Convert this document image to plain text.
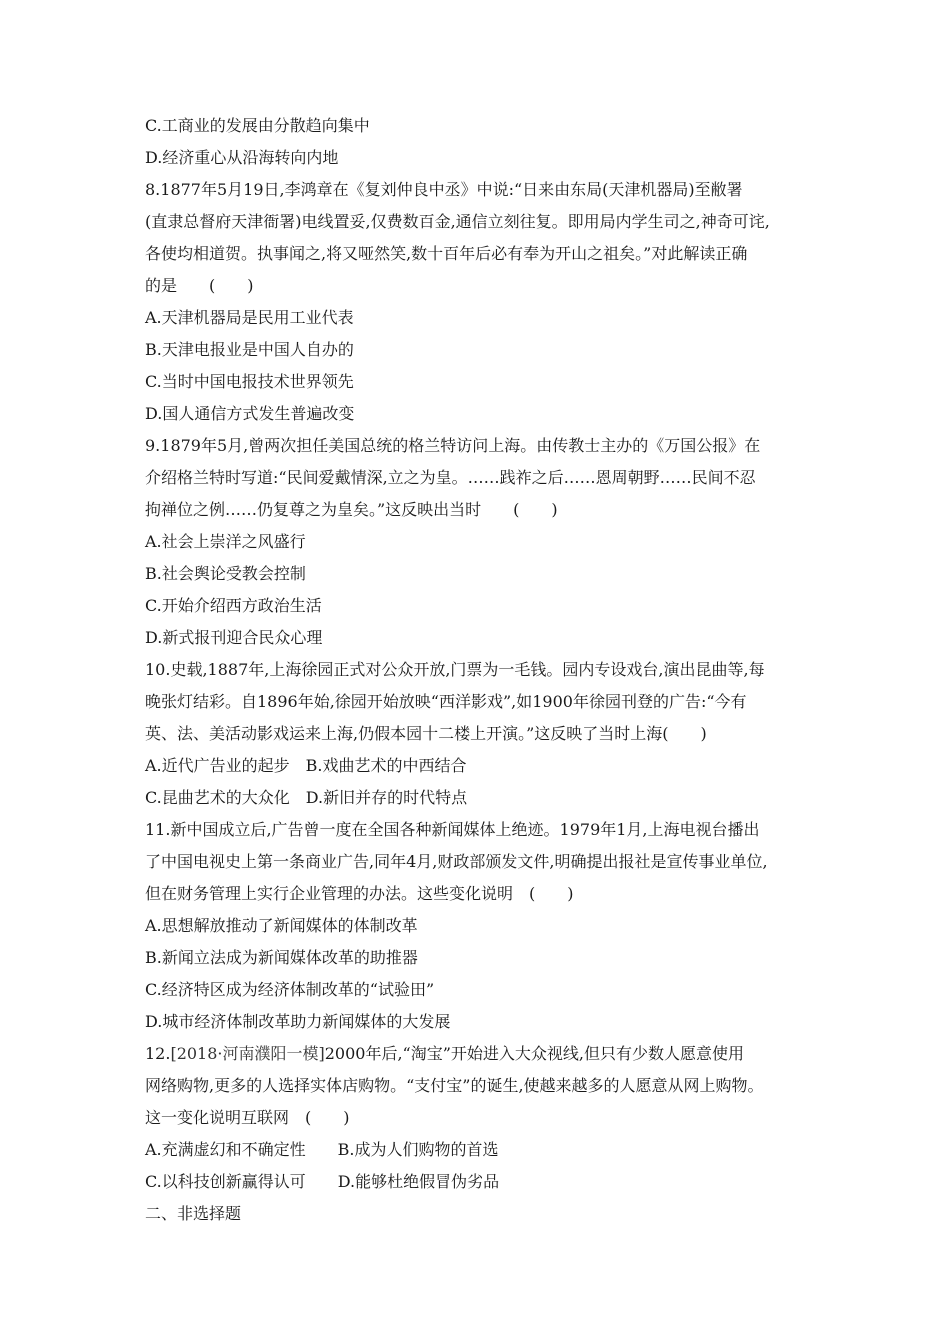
C.工商业的发展由分散趋向集中
D.经济重心从沿海转向内地
8.1877年5月19日,李鸿章在《复刘仲良中丞》中说:“日来由东局(天津机器局)至敝署
(直隶总督府天津衙署)电线置妥,仅费数百金,通信立刻往复。即用局内学生司之,神奇可诧,
各使均相道贺。执事闻之,将又哑然笑,数十百年后必有奉为开山之祖矣。”对此解读正确
的是　　(　　)
A.天津机器局是民用工业代表
B.天津电报业是中国人自办的
C.当时中国电报技术世界领先
D.国人通信方式发生普遍改变
9.1879年5月,曾两次担任美国总统的格兰特访问上海。由传教士主办的《万国公报》在
介绍格兰特时写道:“民间爱戴情深,立之为皇。……践祚之后……恩周朝野……民间不忍
拘禅位之例……仍复尊之为皇矣。”这反映出当时　　(　　)
A.社会上崇洋之风盛行
B.社会舆论受教会控制
C.开始介绍西方政治生活
D.新式报刊迎合民众心理
10.史载,1887年,上海徐园正式对公众开放,门票为一毛钱。园内专设戏台,演出昆曲等,每
晚张灯结彩。自1896年始,徐园开始放映“西洋影戏”,如1900年徐园刊登的广告:“今有
英、法、美活动影戏运来上海,仍假本园十二楼上开演。”这反映了当时上海(　　)
A.近代广告业的起步　B.戏曲艺术的中西结合
C.昆曲艺术的大众化　D.新旧并存的时代特点
11.新中国成立后,广告曾一度在全国各种新闻媒体上绝迹。1979年1月,上海电视台播出
了中国电视史上第一条商业广告,同年4月,财政部颁发文件,明确提出报社是宣传事业单位,
但在财务管理上实行企业管理的办法。这些变化说明　(　　)
A.思想解放推动了新闻媒体的体制改革
B.新闻立法成为新闻媒体改革的助推器
C.经济特区成为经济体制改革的“试验田”
D.城市经济体制改革助力新闻媒体的大发展
12.[2018·河南濮阳一模]2000年后,“淘宝”开始进入大众视线,但只有少数人愿意使用
网络购物,更多的人选择实体店购物。“支付宝”的诞生,使越来越多的人愿意从网上购物。
这一变化说明互联网　(　　)
A.充满虚幻和不确定性　　B.成为人们购物的首选
C.以科技创新赢得认可　　D.能够杜绝假冒伪劣品
二、非选择题
